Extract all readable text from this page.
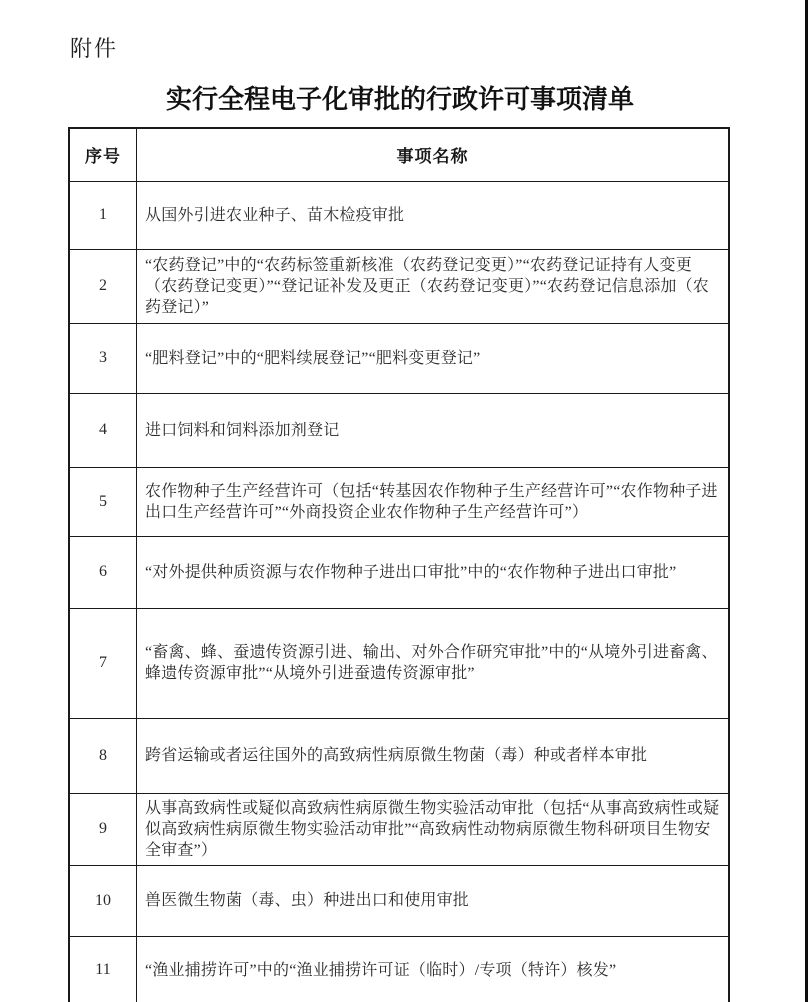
附件
实行全程电子化审批的行政许可事项清单
序号	事项名称
1	从国外引进农业种子、苗木检疫审批
2	“农药登记”中的“农药标签重新核准（农药登记变更）”“农药登记证持有人变更（农药登记变更）”“登记证补发及更正（农药登记变更）”“农药登记信息添加（农药登记）”
3	“肥料登记”中的“肥料续展登记”“肥料变更登记”
4	进口饲料和饲料添加剂登记
5	农作物种子生产经营许可（包括“转基因农作物种子生产经营许可”“农作物种子进出口生产经营许可”“外商投资企业农作物种子生产经营许可”）
6	“对外提供种质资源与农作物种子进出口审批”中的“农作物种子进出口审批”
7	“畜禽、蜂、蚕遗传资源引进、输出、对外合作研究审批”中的“从境外引进畜禽、蜂遗传资源审批”“从境外引进蚕遗传资源审批”
8	跨省运输或者运往国外的高致病性病原微生物菌（毒）种或者样本审批
9	从事高致病性或疑似高致病性病原微生物实验活动审批（包括“从事高致病性或疑似高致病性病原微生物实验活动审批”“高致病性动物病原微生物科研项目生物安全审查”）
10	兽医微生物菌（毒、虫）种进出口和使用审批
11	“渔业捕捞许可”中的“渔业捕捞许可证（临时）/专项（特许）核发”
